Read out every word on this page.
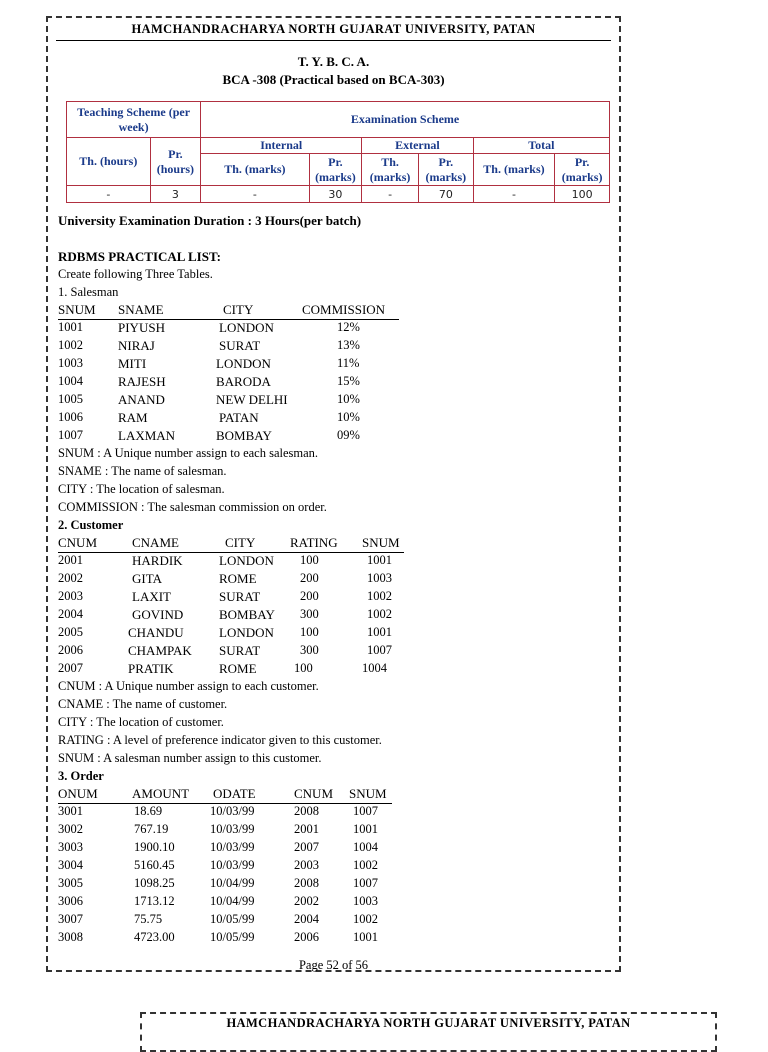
HAMCHANDRACHARYA NORTH GUJARAT UNIVERSITY, PATAN
T. Y. B. C. A.
BCA -308 (Practical based on BCA-303)
Teaching Scheme (per week)		Examination Scheme					
Th. (hours)	Pr. (hours)	Internal		External		Total	
		Th. (marks)	Pr. (marks)	Th. (marks)	Pr. (marks)	Th. (marks)	Pr. (marks)
-	3	-	30	-	70	-	100
University Examination Duration : 3 Hours(per batch)
RDBMS PRACTICAL LIST:
Create following Three Tables.
1. Salesman
SNUM SNAME	CITY	COMMISSION
1001	PIYUSH	LONDON	12%
1002	NIRAJ	SURAT	13%
1003	MITI	LONDON	11%
1004	RAJESH	BARODA	15%
1005	ANAND	NEW DELHI	10%
1006	RAM	PATAN	10%
1007	LAXMAN	BOMBAY	09%
SNUM : A Unique number assign to each salesman.
SNAME : The name of salesman.
CITY : The location of salesman.
COMMISSION : The salesman commission on order.
2. Customer
CNUM	CNAME	CITY	RATING SNUM
2001	HARDIK	LONDON 100	1001
2002	GITA	ROME	200	1003
2003	LAXIT	SURAT	200	1002
2004	GOVIND	BOMBAY 300	1002
2005	CHANDU	LONDON 100	1001
2006	CHAMPAK SURAT	300	1007
2007	PRATIK	ROME	100	1004
CNUM : A Unique number assign to each customer.
CNAME : The name of customer.
CITY : The location of customer.
RATING : A level of preference indicator given to this customer.
SNUM : A salesman number assign to this customer.
3. Order
ONUM	AMOUNT ODATE	CNUM SNUM
3001	18.69	10/03/99	2008	1007
3002	767.19	10/03/99	2001	1001
3003	1900.10	10/03/99	2007	1004
3004	5160.45	10/03/99	2003	1002
3005	1098.25	10/04/99	2008	1007
3006	1713.12	10/04/99	2002	1003
3007	75.75	10/05/99	2004	1002
3008	4723.00	10/05/99	2006	1001
Page 52 of 56
HAMCHANDRACHARYA NORTH GUJARAT UNIVERSITY, PATAN
